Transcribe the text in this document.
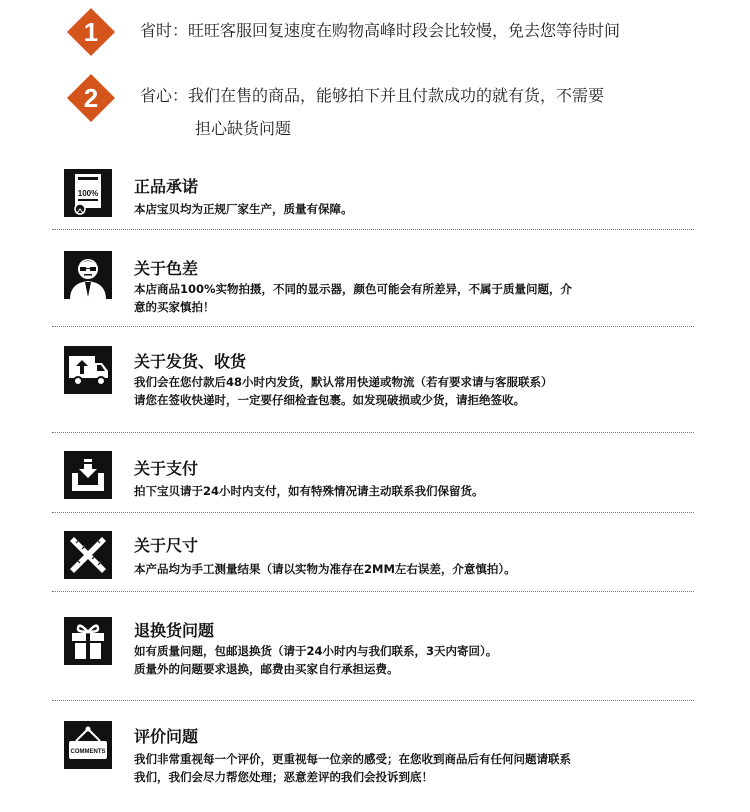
1	省时：旺旺客服回复速度在购物高峰时段会比较慢，免去您等待时间
2	省心：我们在售的商品，能够拍下并且付款成功的就有货，不需要
担心缺货问题
100% 正品承诺
本店宝贝均为正规厂家生产，质量有保障。
关于色差
本店商品100%实物拍摄，不同的显示器，颜色可能会有所差异，不属于质量问题，介
意的买家慎拍！
关于发货、收货
我们会在您付款后48小时内发货，默认常用快递或物流（若有要求请与客服联系）
请您在签收快递时，一定要仔细检查包裹。如发现破损或少货，请拒绝签收。
关于支付
拍下宝贝请于24小时内支付，如有特殊情况请主动联系我们保留货。
关于尺寸
本产品均为手工测量结果（请以实物为准存在2MM左右误差，介意慎拍）。
退换货问题
如有质量问题，包邮退换货（请于24小时内与我们联系，3天内寄回）。
质量外的问题要求退换，邮费由买家自行承担运费。
COMMENTS
评价问题
我们非常重视每一个评价，更重视每一位亲的感受；在您收到商品后有任何问题请联系
我们，我们会尽力帮您处理；恶意差评的我们会投诉到底！
